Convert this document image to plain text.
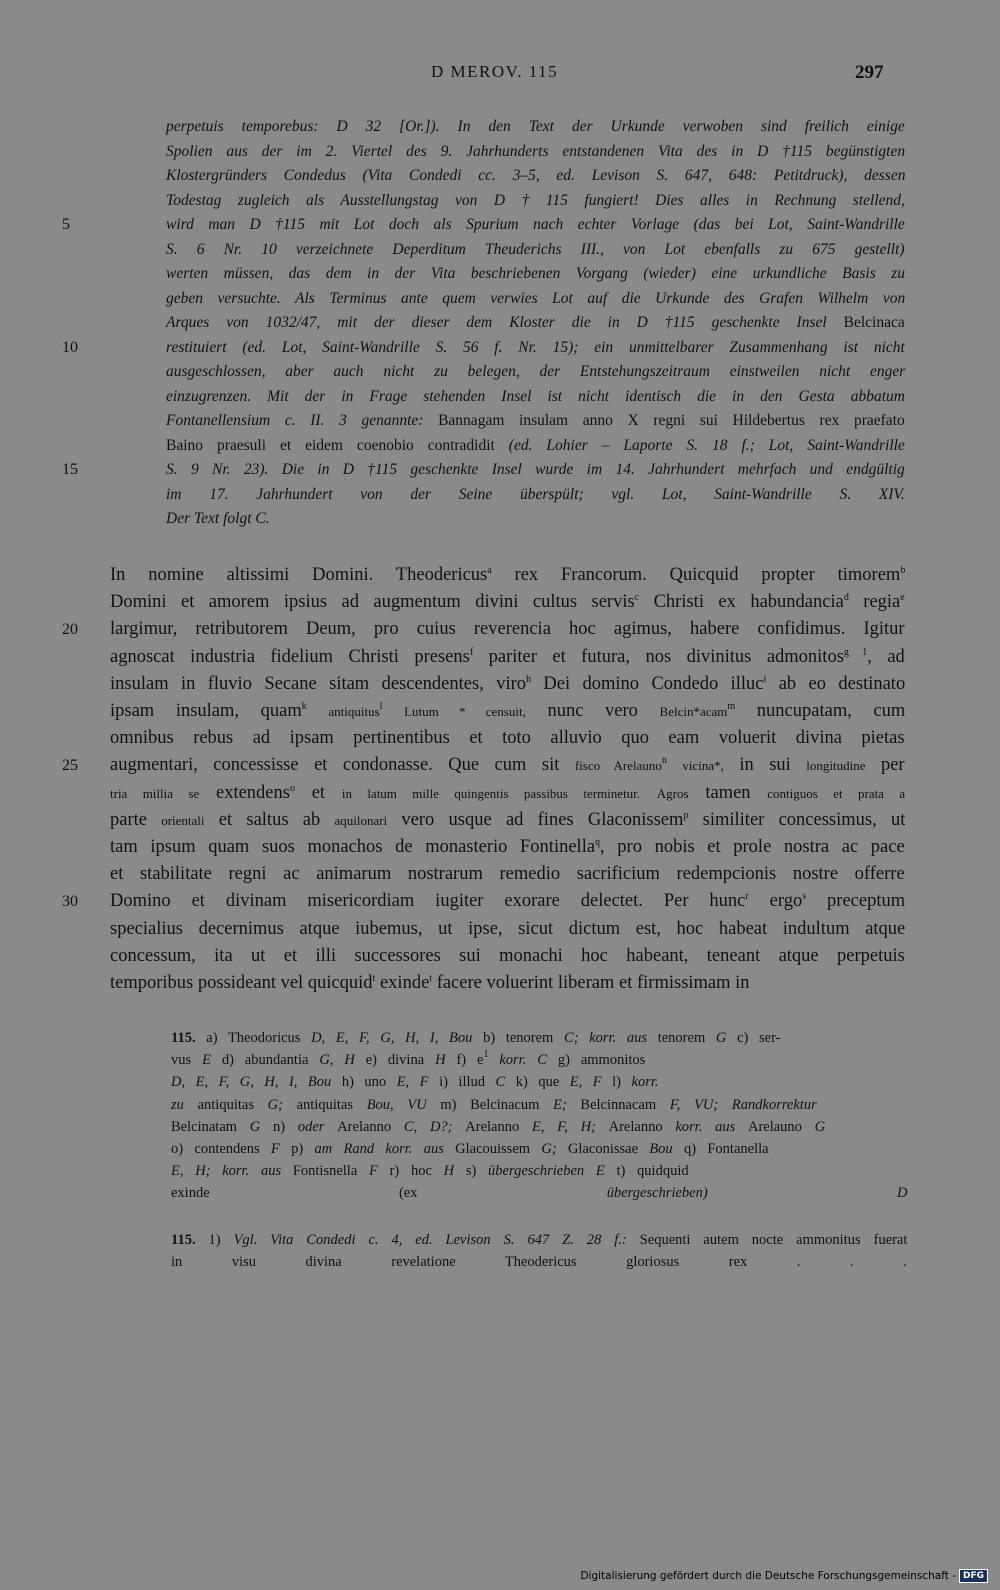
D MEROV. 115	297
perpetuis temporebus: D 32 [Or.]). In den Text der Urkunde verwoben sind freilich einige
Spolien aus der im 2. Viertel des 9. Jahrhunderts entstandenen Vita des in D †115 begünstigten
Klostergründers Condedus (Vita Condedi cc. 3–5, ed. Levison S. 647, 648: Petitdruck), dessen
Todestag zugleich als Ausstellungstag von D † 115 fungiert! Dies alles in Rechnung stellend,
wird man D †115 mit Lot doch als Spurium nach echter Vorlage (das bei Lot, Saint-Wandrille
S. 6 Nr. 10 verzeichnete Deperditum Theuderichs III., von Lot ebenfalls zu 675 gestellt)
werten müssen, das dem in der Vita beschriebenen Vorgang (wieder) eine urkundliche Basis zu
geben versuchte. Als Terminus ante quem verwies Lot auf die Urkunde des Grafen Wilhelm von
Arques von 1032/47, mit der dieser dem Kloster die in D †115 geschenkte Insel Belcinaca
restituiert (ed. Lot, Saint-Wandrille S. 56 f. Nr. 15); ein unmittelbarer Zusammenhang ist nicht
ausgeschlossen, aber auch nicht zu belegen, der Entstehungszeitraum einstweilen nicht enger
einzugrenzen. Mit der in Frage stehenden Insel ist nicht identisch die in den Gesta abbatum
Fontanellensium c. II. 3 genannte: Bannagam insulam anno X regni sui Hildebertus rex praefato
Baino praesuli et eidem coenobio contradidit (ed. Lohier – Laporte S. 18 f.; Lot, Saint-Wandrille
S. 9 Nr. 23). Die in D †115 geschenkte Insel wurde im 14. Jahrhundert mehrfach und endgültig
im 17. Jahrhundert von der Seine überspült; vgl. Lot, Saint-Wandrille S. XIV.
Der Text folgt C.
In nomine altissimi Domini. Theodericus$^a$ rex Francorum. Quicquid propter timorem$^b$
Domini et amorem ipsius ad augmentum divini cultus servis$^c$ Christi ex habundancia$^d$ regia$^e$
largimur, retributorem Deum, pro cuius reverencia hoc agimus, habere confidimus. Igitur
agnoscat industria fidelium Christi presens$^f$ pariter et futura, nos divinitus admonitos$^{g 1}$, ad
insulam in fluvio Secane sitam descendentes, viro$^h$ Dei domino Condedo illuc$^i$ ab eo destinato
ipsam insulam, quam$^k$ antiquitus$^l$ Lutum * censuit, nunc vero Belcin*acam$^m$ nuncupatam, cum
omnibus rebus ad ipsam pertinentibus et toto alluvio quo eam voluerit divina pietas
augmentari, concessisse et condonasse. Que cum sit fisco Arelauno$^n$ vicina*, in sui longitudine per
tria millia se extendens$^o$ et in latum mille quingentis passibus terminetur. Agros tamen contiguos et prata a
parte orientali et saltus ab aquilonari vero usque ad fines Glaconissem$^p$ similiter concessimus, ut
tam ipsum quam suos monachos de monasterio Fontinella$^q$, pro nobis et prole nostra ac pace
et stabilitate regni ac animarum nostrarum remedio sacrificium redempcionis nostre offerre
Domino et divinam misericordiam iugiter exorare delectet. Per hunc$^r$ ergo$^s$ preceptum
specialius decernimus atque iubemus, ut ipse, sicut dictum est, hoc habeat indultum atque
concessum, ita ut et illi successores sui monachi hoc habeant, teneant atque perpetuis
temporibus possideant vel quicquid$^t$ exinde$^t$ facere voluerint liberam et firmissimam in
5
10
15
20
25
30
115. a) Theodoricus D, E, F, G, H, I, Bou b) tenorem C; korr. aus tenorem G c) ser-
vus E d) abundantia G, H e) divina H f) $e^1$ korr. C g) ammonitos
D, E, F, G, H, I, Bou h) uno E, F i) illud C k) que E, F l) korr.
zu antiquitas G; antiquitas Bou, VU m) Belcinacum E; Belcinnacam F, VU; Randkorrektur
Belcinatam G n) oder Arelanno C, D?; Arelanno E, F, H; Arelanno korr. aus Arelauno G
o) contendens F p) am Rand korr. aus Glacouissem G; Glaconissae Bou q) Fontanella
E, H; korr. aus Fontisnella F r) hoc H s) übergeschrieben E t) quidquid
exinde (ex übergeschrieben) D
115. 1) Vgl. Vita Condedi c. 4, ed. Levison S. 647 Z. 28 f.: Sequenti autem nocte ammonitus fuerat
in visu divina revelatione Theodericus gloriosus rex . . .
Digitalisierung gefördert durch die Deutsche Forschungsgemeinschaft - DFG
